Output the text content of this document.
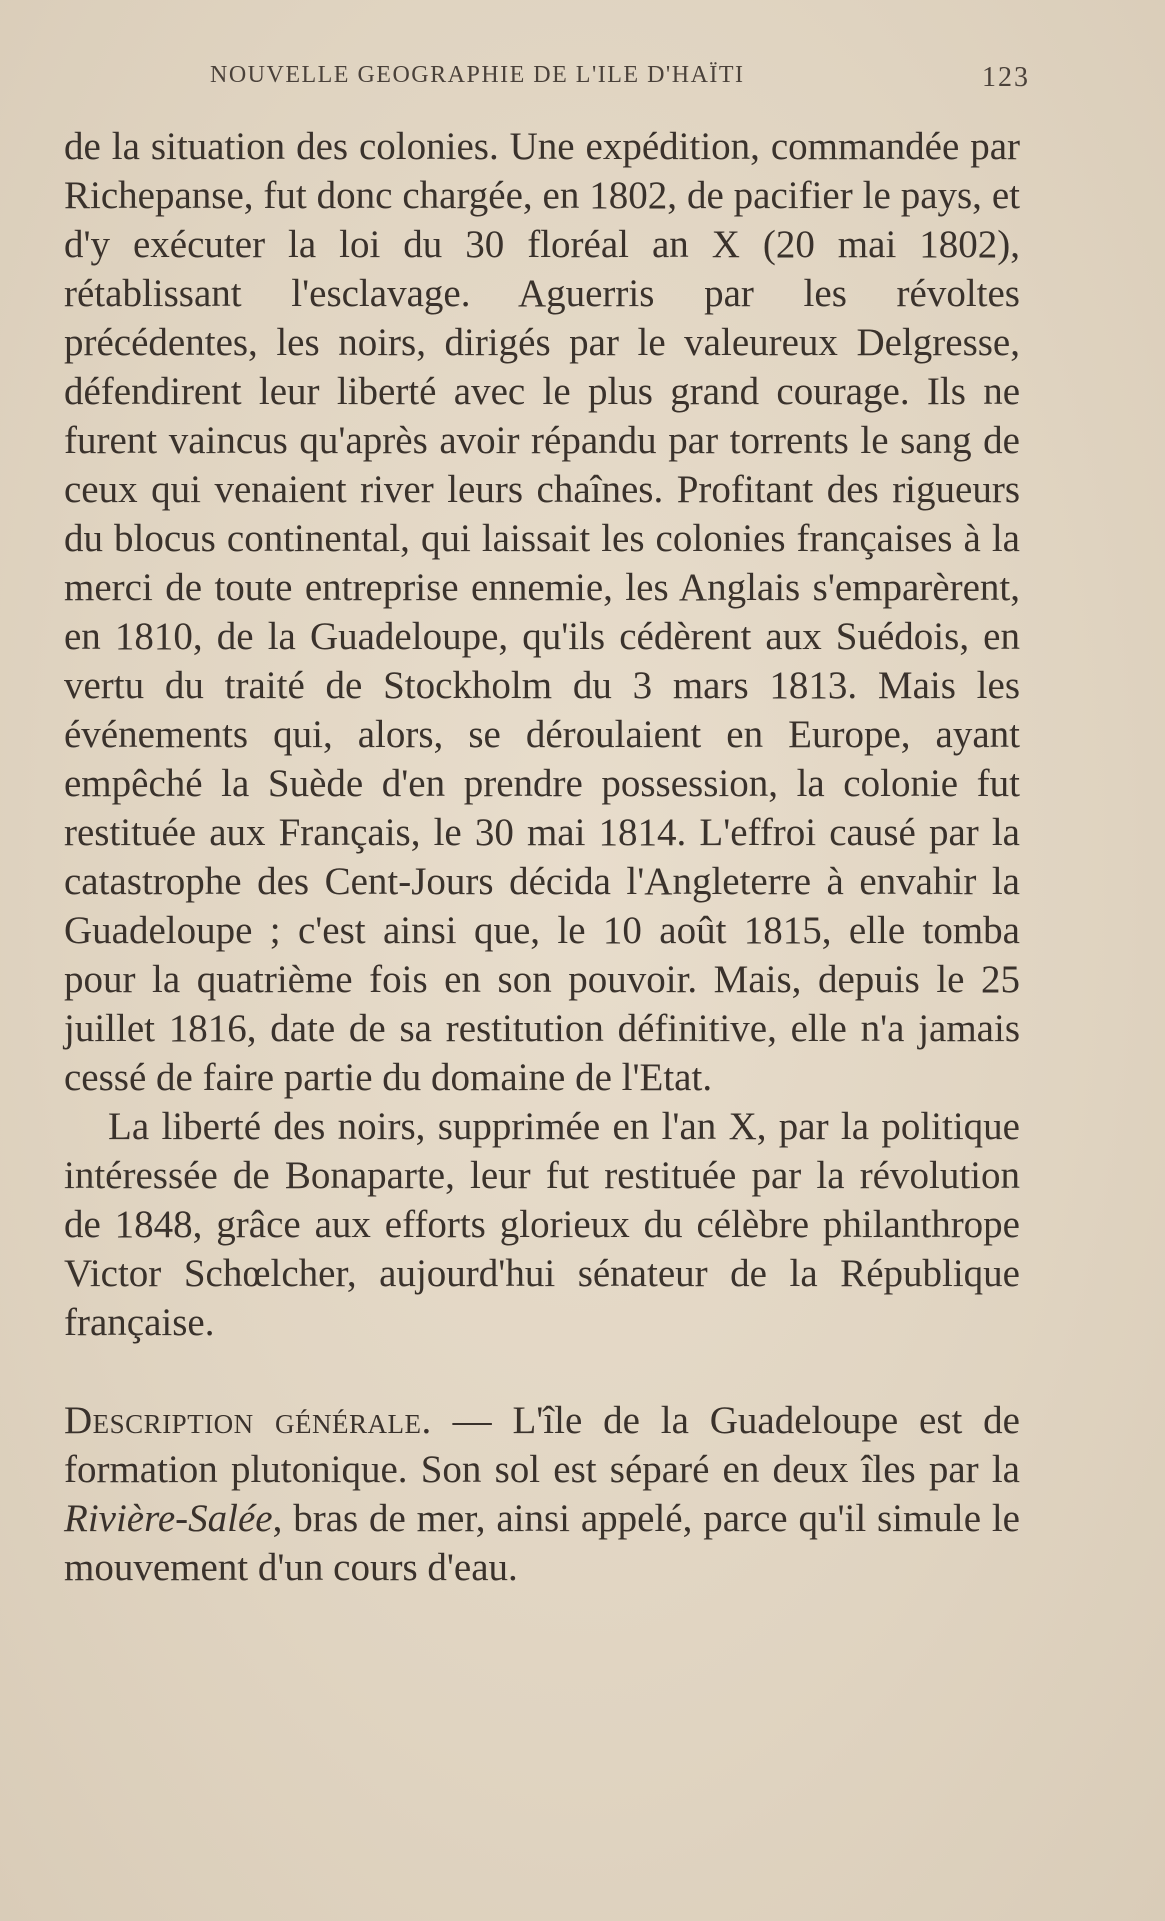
NOUVELLE GEOGRAPHIE DE L'ILE D'HAÏTI	123

de la situation des colonies. Une expédition, commandée par Richepanse, fut donc chargée, en 1802, de pacifier le pays, et d'y exécuter la loi du 30 floréal an X (20 mai 1802), rétablissant l'esclavage. Aguerris par les révoltes précédentes, les noirs, dirigés par le valeureux Delgresse, défendirent leur liberté avec le plus grand courage. Ils ne furent vaincus qu'après avoir répandu par torrents le sang de ceux qui venaient river leurs chaînes. Profitant des rigueurs du blocus continental, qui laissait les colonies françaises à la merci de toute entreprise ennemie, les Anglais s'emparèrent, en 1810, de la Guadeloupe, qu'ils cédèrent aux Suédois, en vertu du traité de Stockholm du 3 mars 1813. Mais les événements qui, alors, se déroulaient en Europe, ayant empêché la Suède d'en prendre possession, la colonie fut restituée aux Français, le 30 mai 1814. L'effroi causé par la catastrophe des Cent-Jours décida l'Angleterre à envahir la Guadeloupe ; c'est ainsi que, le 10 août 1815, elle tomba pour la quatrième fois en son pouvoir. Mais, depuis le 25 juillet 1816, date de sa restitution définitive, elle n'a jamais cessé de faire partie du domaine de l'Etat.

La liberté des noirs, supprimée en l'an X, par la politique intéressée de Bonaparte, leur fut restituée par la révolution de 1848, grâce aux efforts glorieux du célèbre philanthrope Victor Schœlcher, aujourd'hui sénateur de la République française.

Description générale. — L'île de la Guadeloupe est de formation plutonique. Son sol est séparé en deux îles par la Rivière-Salée, bras de mer, ainsi appelé, parce qu'il simule le mouvement d'un cours d'eau.
